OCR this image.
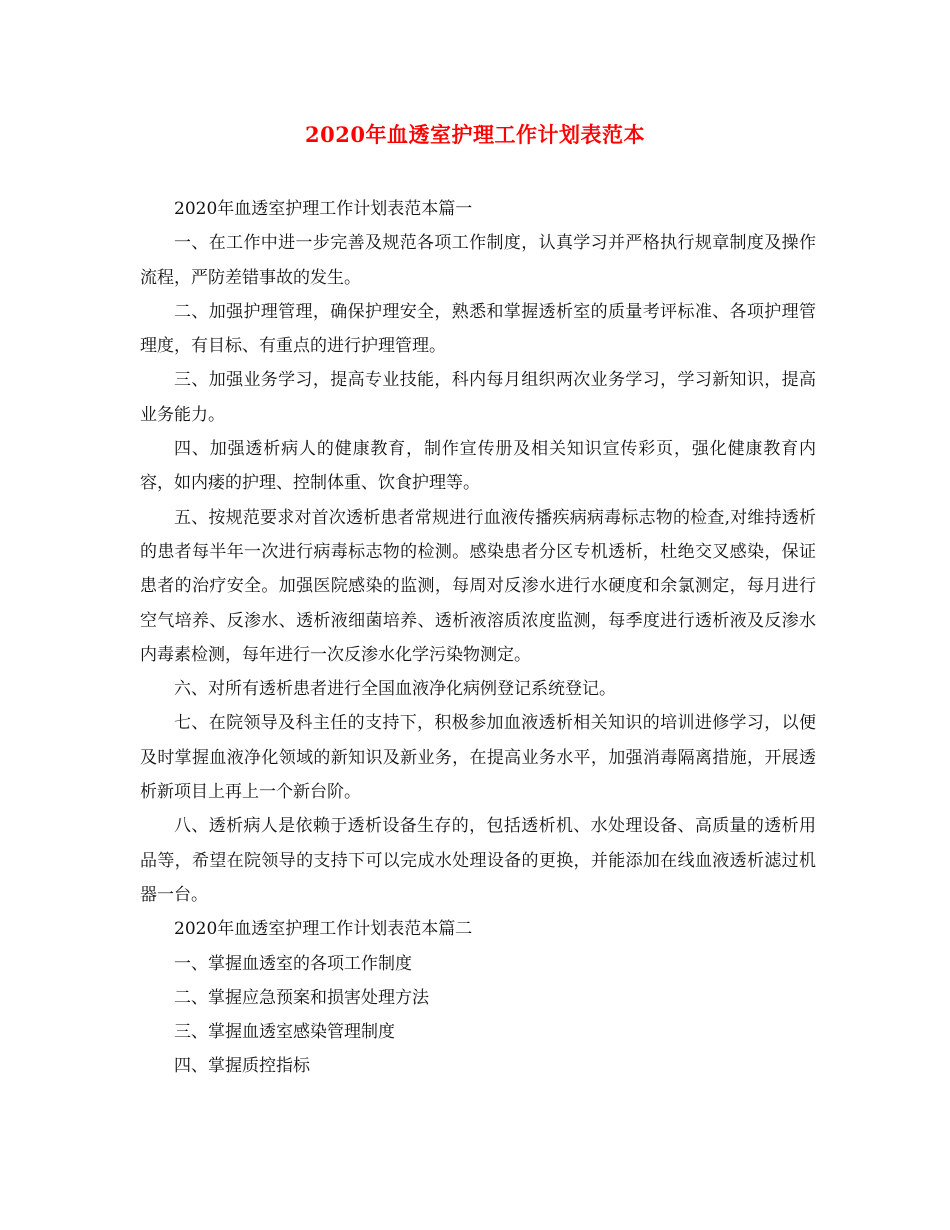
2020年血透室护理工作计划表范本

2020年血透室护理工作计划表范本篇一

一、在工作中进一步完善及规范各项工作制度，认真学习并严格执行规章制度及操作流程，严防差错事故的发生。

二、加强护理管理，确保护理安全，熟悉和掌握透析室的质量考评标准、各项护理管理度，有目标、有重点的进行护理管理。

三、加强业务学习，提高专业技能，科内每月组织两次业务学习，学习新知识，提高业务能力。

四、加强透析病人的健康教育，制作宣传册及相关知识宣传彩页，强化健康教育内容，如内瘘的护理、控制体重、饮食护理等。

五、按规范要求对首次透析患者常规进行血液传播疾病病毒标志物的检查,对维持透析的患者每半年一次进行病毒标志物的检测。感染患者分区专机透析，杜绝交叉感染，保证患者的治疗安全。加强医院感染的监测，每周对反渗水进行水硬度和余氯测定，每月进行空气培养、反渗水、透析液细菌培养、透析液溶质浓度监测，每季度进行透析液及反渗水内毒素检测，每年进行一次反渗水化学污染物测定。

六、对所有透析患者进行全国血液净化病例登记系统登记。

七、在院领导及科主任的支持下，积极参加血液透析相关知识的培训进修学习，以便及时掌握血液净化领域的新知识及新业务，在提高业务水平，加强消毒隔离措施，开展透析新项目上再上一个新台阶。

八、透析病人是依赖于透析设备生存的，包括透析机、水处理设备、高质量的透析用品等，希望在院领导的支持下可以完成水处理设备的更换，并能添加在线血液透析滤过机器一台。

2020年血透室护理工作计划表范本篇二

一、掌握血透室的各项工作制度

二、掌握应急预案和损害处理方法

三、掌握血透室感染管理制度

四、掌握质控指标
